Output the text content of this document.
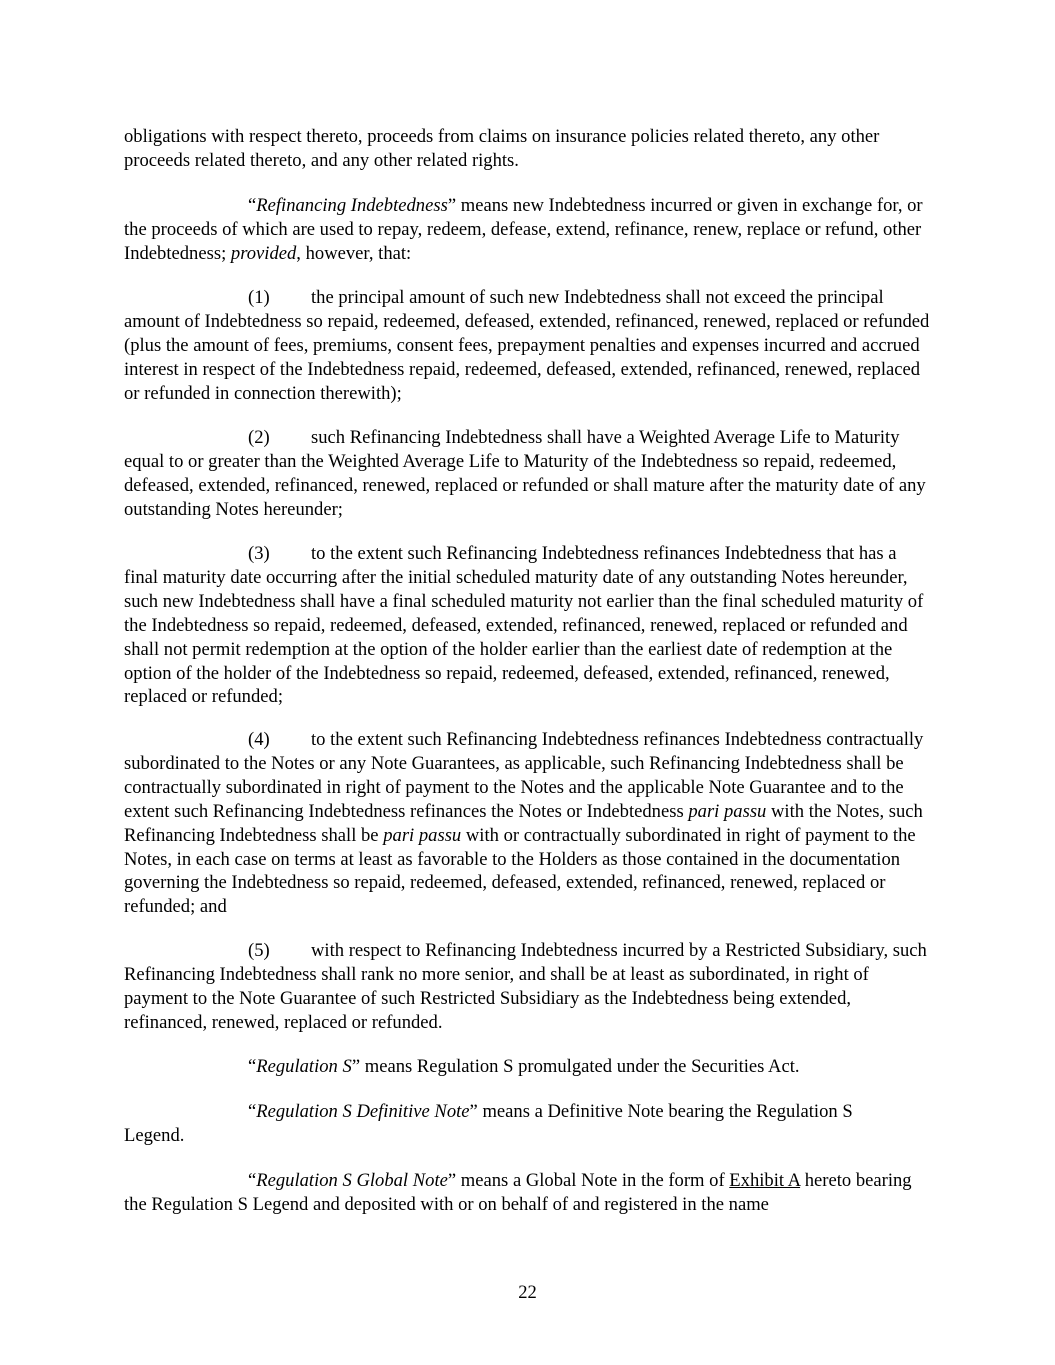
obligations with respect thereto, proceeds from claims on insurance policies related thereto, any other proceeds related thereto, and any other related rights.

“Refinancing Indebtedness” means new Indebtedness incurred or given in exchange for, or the proceeds of which are used to repay, redeem, defease, extend, refinance, renew, replace or refund, other Indebtedness; provided, however, that:

(1) the principal amount of such new Indebtedness shall not exceed the principal amount of Indebtedness so repaid, redeemed, defeased, extended, refinanced, renewed, replaced or refunded (plus the amount of fees, premiums, consent fees, prepayment penalties and expenses incurred and accrued interest in respect of the Indebtedness repaid, redeemed, defeased, extended, refinanced, renewed, replaced or refunded in connection therewith);

(2) such Refinancing Indebtedness shall have a Weighted Average Life to Maturity equal to or greater than the Weighted Average Life to Maturity of the Indebtedness so repaid, redeemed, defeased, extended, refinanced, renewed, replaced or refunded or shall mature after the maturity date of any outstanding Notes hereunder;

(3) to the extent such Refinancing Indebtedness refinances Indebtedness that has a final maturity date occurring after the initial scheduled maturity date of any outstanding Notes hereunder, such new Indebtedness shall have a final scheduled maturity not earlier than the final scheduled maturity of the Indebtedness so repaid, redeemed, defeased, extended, refinanced, renewed, replaced or refunded and shall not permit redemption at the option of the holder earlier than the earliest date of redemption at the option of the holder of the Indebtedness so repaid, redeemed, defeased, extended, refinanced, renewed, replaced or refunded;

(4) to the extent such Refinancing Indebtedness refinances Indebtedness contractually subordinated to the Notes or any Note Guarantees, as applicable, such Refinancing Indebtedness shall be contractually subordinated in right of payment to the Notes and the applicable Note Guarantee and to the extent such Refinancing Indebtedness refinances the Notes or Indebtedness pari passu with the Notes, such Refinancing Indebtedness shall be pari passu with or contractually subordinated in right of payment to the Notes, in each case on terms at least as favorable to the Holders as those contained in the documentation governing the Indebtedness so repaid, redeemed, defeased, extended, refinanced, renewed, replaced or refunded; and

(5) with respect to Refinancing Indebtedness incurred by a Restricted Subsidiary, such Refinancing Indebtedness shall rank no more senior, and shall be at least as subordinated, in right of payment to the Note Guarantee of such Restricted Subsidiary as the Indebtedness being extended, refinanced, renewed, replaced or refunded.

“Regulation S” means Regulation S promulgated under the Securities Act.

“Regulation S Definitive Note” means a Definitive Note bearing the Regulation S

Legend.

“Regulation S Global Note” means a Global Note in the form of Exhibit A hereto bearing the Regulation S Legend and deposited with or on behalf of and registered in the name

22
